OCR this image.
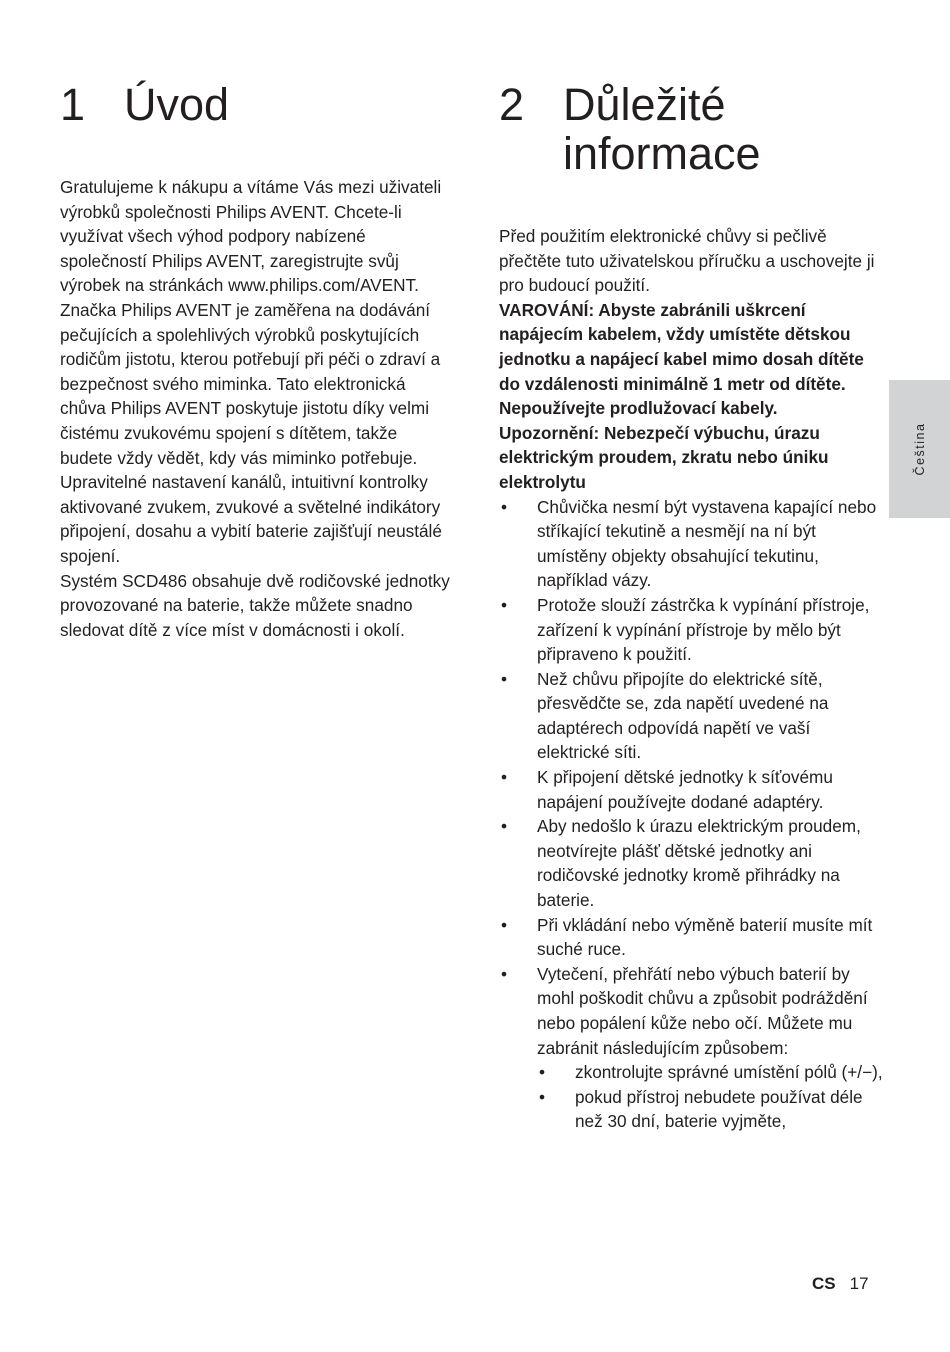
1 Úvod

Gratulujeme k nákupu a vítáme Vás mezi uživateli výrobků společnosti Philips AVENT. Chcete-li využívat všech výhod podpory nabízené společností Philips AVENT, zaregistrujte svůj výrobek na stránkách www.philips.com/AVENT.

Značka Philips AVENT je zaměřena na dodávání pečujících a spolehlivých výrobků poskytujících rodičům jistotu, kterou potřebují při péči o zdraví a bezpečnost svého miminka. Tato elektronická chůva Philips AVENT poskytuje jistotu díky velmi čistému zvukovému spojení s dítětem, takže budete vždy vědět, kdy vás miminko potřebuje. Upravitelné nastavení kanálů, intuitivní kontrolky aktivované zvukem, zvukové a světelné indikátory připojení, dosahu a vybití baterie zajišťují neustálé spojení.

Systém SCD486 obsahuje dvě rodičovské jednotky provozované na baterie, takže můžete snadno sledovat dítě z více míst v domácnosti i okolí.

2 Důležité
informace

Před použitím elektronické chůvy si pečlivě přečtěte tuto uživatelskou příručku a uschovejte ji pro budoucí použití.

VAROVÁNÍ: Abyste zabránili uškrcení napájecím kabelem, vždy umístěte dětskou jednotku a napájecí kabel mimo dosah dítěte do vzdálenosti minimálně 1 metr od dítěte. Nepoužívejte prodlužovací kabely.

Upozornění: Nebezpečí výbuchu, úrazu elektrickým proudem, zkratu nebo úniku elektrolytu

• Chůvička nesmí být vystavena kapající nebo stříkající tekutině a nesmějí na ní být umístěny objekty obsahující tekutinu, například vázy.
• Protože slouží zástrčka k vypínání přístroje, zařízení k vypínání přístroje by mělo být připraveno k použití.
• Než chůvu připojíte do elektrické sítě, přesvědčte se, zda napětí uvedené na adaptérech odpovídá napětí ve vaší elektrické síti.
• K připojení dětské jednotky k síťovému napájení používejte dodané adaptéry.
• Aby nedošlo k úrazu elektrickým proudem, neotvírejte plášť dětské jednotky ani rodičovské jednotky kromě přihrádky na baterie.
• Při vkládání nebo výměně baterií musíte mít suché ruce.
• Vytečení, přehřátí nebo výbuch baterií by mohl poškodit chůvu a způsobit podráždění nebo popálení kůže nebo očí. Můžete mu zabránit následujícím způsobem:
• zkontrolujte správné umístění pólů (+/−),
• pokud přístroj nebudete používat déle než 30 dní, baterie vyjměte,
Čeština
CS 17
